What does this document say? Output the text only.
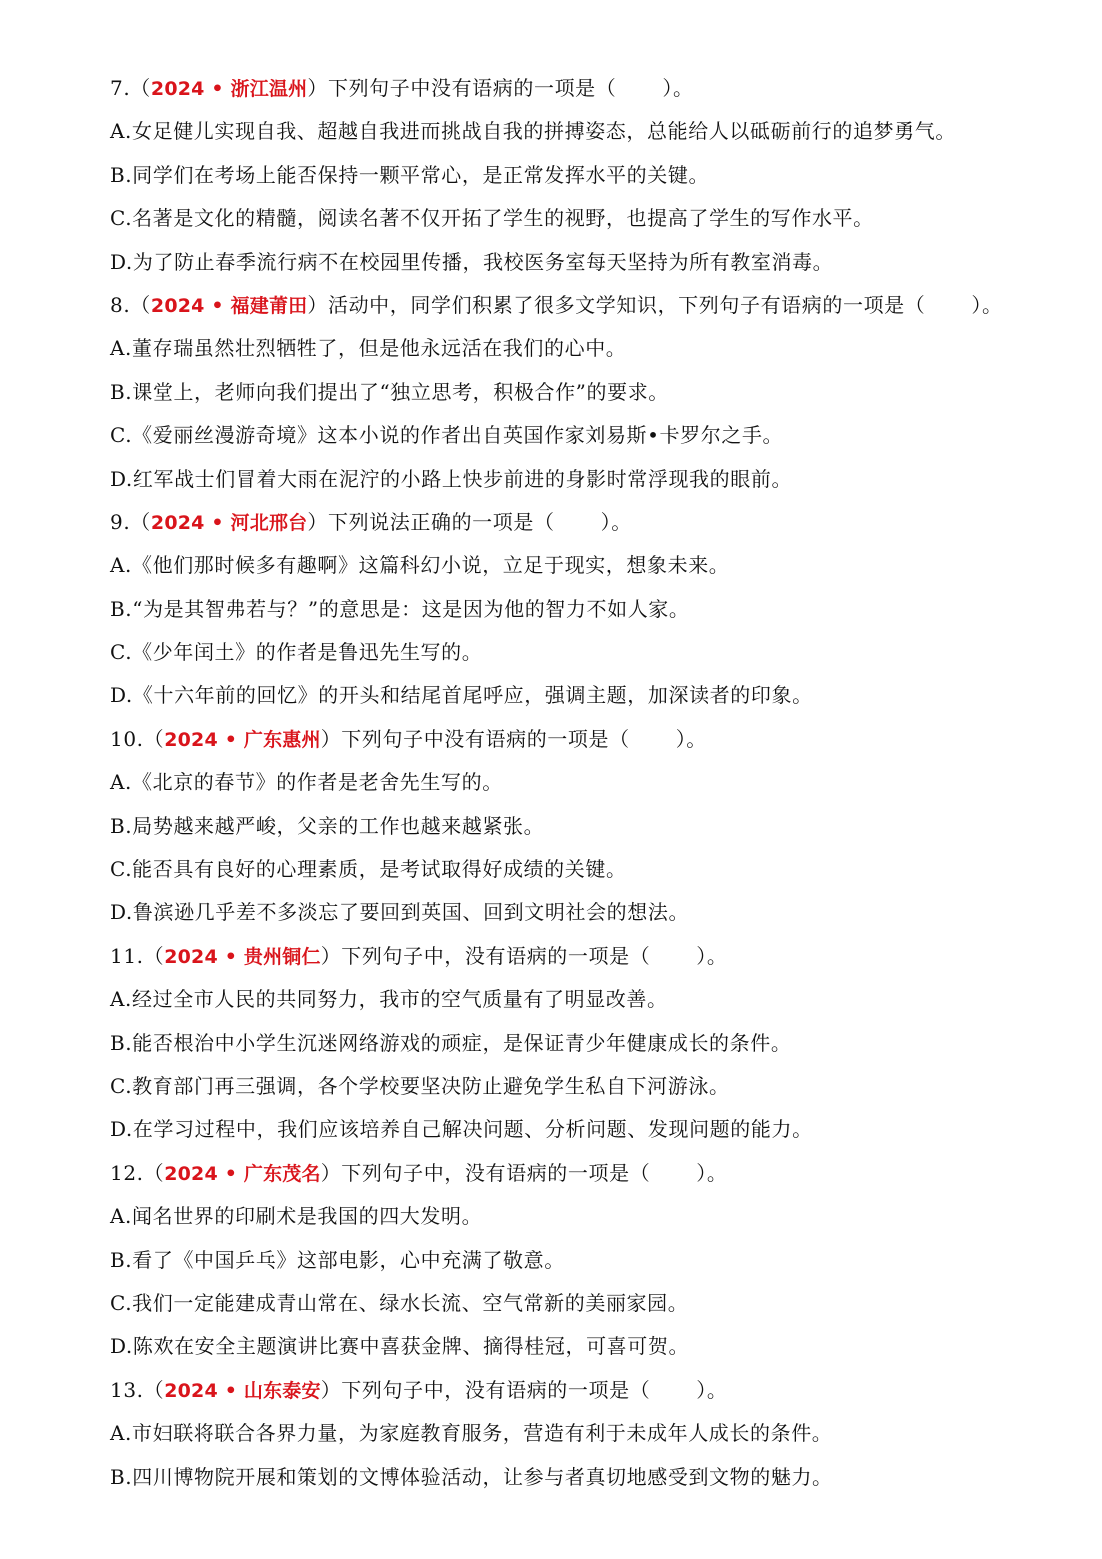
7.（2024 • 浙江温州）下列句子中没有语病的一项是（ ）。
A.女足健儿实现自我、超越自我进而挑战自我的拼搏姿态，总能给人以砥砺前行的追梦勇气。
B.同学们在考场上能否保持一颗平常心，是正常发挥水平的关键。
C.名著是文化的精髓，阅读名著不仅开拓了学生的视野，也提高了学生的写作水平。
D.为了防止春季流行病不在校园里传播，我校医务室每天坚持为所有教室消毒。
8.（2024 • 福建莆田）活动中，同学们积累了很多文学知识，下列句子有语病的一项是（ ）。
A.董存瑞虽然壮烈牺牲了，但是他永远活在我们的心中。
B.课堂上，老师向我们提出了“独立思考，积极合作”的要求。
C.《爱丽丝漫游奇境》这本小说的作者出自英国作家刘易斯•卡罗尔之手。
D.红军战士们冒着大雨在泥泞的小路上快步前进的身影时常浮现我的眼前。
9.（2024 • 河北邢台）下列说法正确的一项是（ ）。
A.《他们那时候多有趣啊》这篇科幻小说，立足于现实，想象未来。
B.“为是其智弗若与？”的意思是：这是因为他的智力不如人家。
C.《少年闰土》的作者是鲁迅先生写的。
D.《十六年前的回忆》的开头和结尾首尾呼应，强调主题，加深读者的印象。
10.（2024 • 广东惠州）下列句子中没有语病的一项是（ ）。
A.《北京的春节》的作者是老舍先生写的。
B.局势越来越严峻，父亲的工作也越来越紧张。
C.能否具有良好的心理素质，是考试取得好成绩的关键。
D.鲁滨逊几乎差不多淡忘了要回到英国、回到文明社会的想法。
11.（2024 • 贵州铜仁）下列句子中，没有语病的一项是（ ）。
A.经过全市人民的共同努力，我市的空气质量有了明显改善。
B.能否根治中小学生沉迷网络游戏的顽症，是保证青少年健康成长的条件。
C.教育部门再三强调，各个学校要坚决防止避免学生私自下河游泳。
D.在学习过程中，我们应该培养自己解决问题、分析问题、发现问题的能力。
12.（2024 • 广东茂名）下列句子中，没有语病的一项是（ ）。
A.闻名世界的印刷术是我国的四大发明。
B.看了《中国乒乓》这部电影，心中充满了敬意。
C.我们一定能建成青山常在、绿水长流、空气常新的美丽家园。
D.陈欢在安全主题演讲比赛中喜获金牌、摘得桂冠，可喜可贺。
13.（2024 • 山东泰安）下列句子中，没有语病的一项是（ ）。
A.市妇联将联合各界力量，为家庭教育服务，营造有利于未成年人成长的条件。
B.四川博物院开展和策划的文博体验活动，让参与者真切地感受到文物的魅力。
